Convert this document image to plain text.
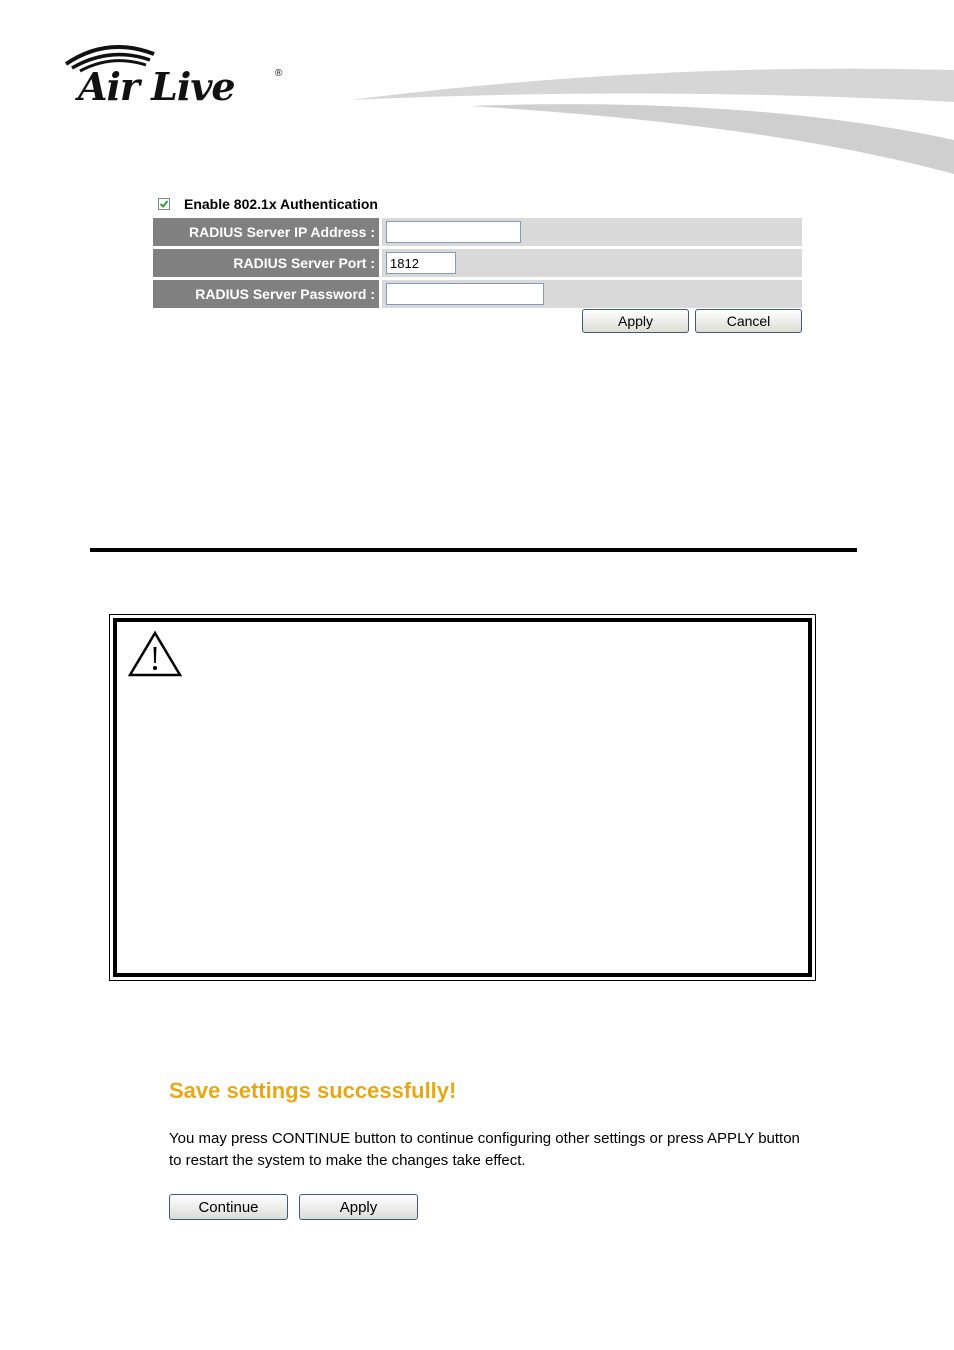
Air Live	®
Enable 802.1x Authentication
RADIUS Server IP Address :
RADIUS Server Port :
1812
RADIUS Server Password :
Apply	Cancel
Save settings successfully!
You may press CONTINUE button to continue configuring other settings or press APPLY button to restart the system to make the changes take effect.
Continue	Apply
